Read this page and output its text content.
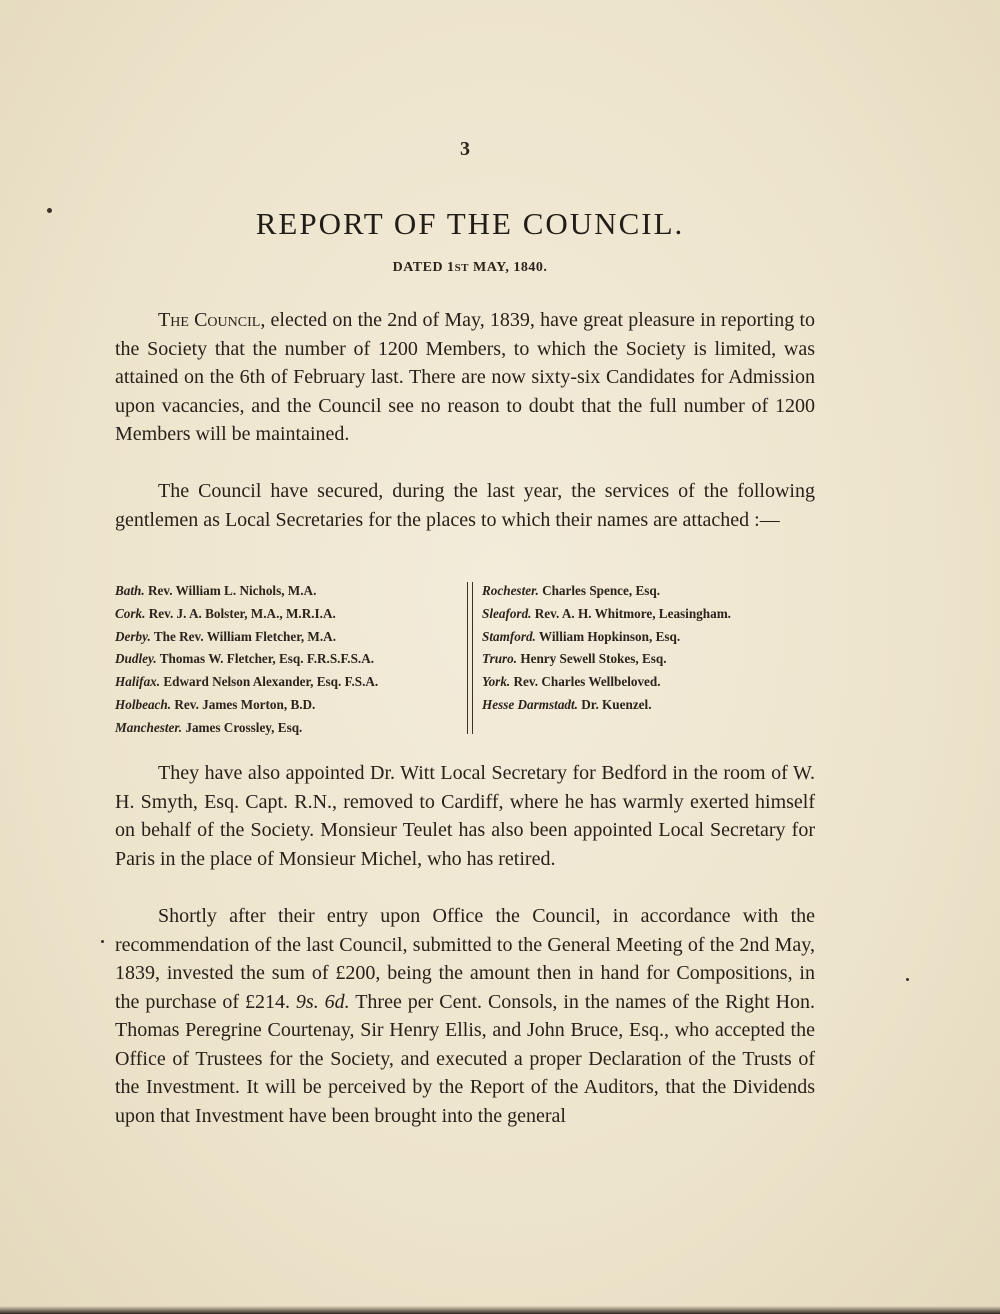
3
REPORT OF THE COUNCIL.
DATED 1ST MAY, 1840.
The Council, elected on the 2nd of May, 1839, have great pleasure in reporting to the Society that the number of 1200 Members, to which the Society is limited, was attained on the 6th of February last. There are now sixty-six Candidates for Admission upon vacancies, and the Council see no reason to doubt that the full number of 1200 Members will be maintained.
The Council have secured, during the last year, the services of the following gentlemen as Local Secretaries for the places to which their names are attached :—
Bath. Rev. William L. Nichols, M.A.
Cork. Rev. J. A. Bolster, M.A., M.R.I.A.
Derby. The Rev. William Fletcher, M.A.
Dudley. Thomas W. Fletcher, Esq. F.R.S.F.S.A.
Halifax. Edward Nelson Alexander, Esq. F.S.A.
Holbeach. Rev. James Morton, B.D.
Manchester. James Crossley, Esq.
Rochester. Charles Spence, Esq.
Sleaford. Rev. A. H. Whitmore, Leasingham.
Stamford. William Hopkinson, Esq.
Truro. Henry Sewell Stokes, Esq.
York. Rev. Charles Wellbeloved.
Hesse Darmstadt. Dr. Kuenzel.
They have also appointed Dr. Witt Local Secretary for Bedford in the room of W. H. Smyth, Esq. Capt. R.N., removed to Cardiff, where he has warmly exerted himself on behalf of the Society. Monsieur Teulet has also been appointed Local Secretary for Paris in the place of Monsieur Michel, who has retired.
Shortly after their entry upon Office the Council, in accordance with the recommendation of the last Council, submitted to the General Meeting of the 2nd May, 1839, invested the sum of £200, being the amount then in hand for Compositions, in the purchase of £214. 9s. 6d. Three per Cent. Consols, in the names of the Right Hon. Thomas Peregrine Courtenay, Sir Henry Ellis, and John Bruce, Esq., who accepted the Office of Trustees for the Society, and executed a proper Declaration of the Trusts of the Investment. It will be perceived by the Report of the Auditors, that the Dividends upon that Investment have been brought into the general
